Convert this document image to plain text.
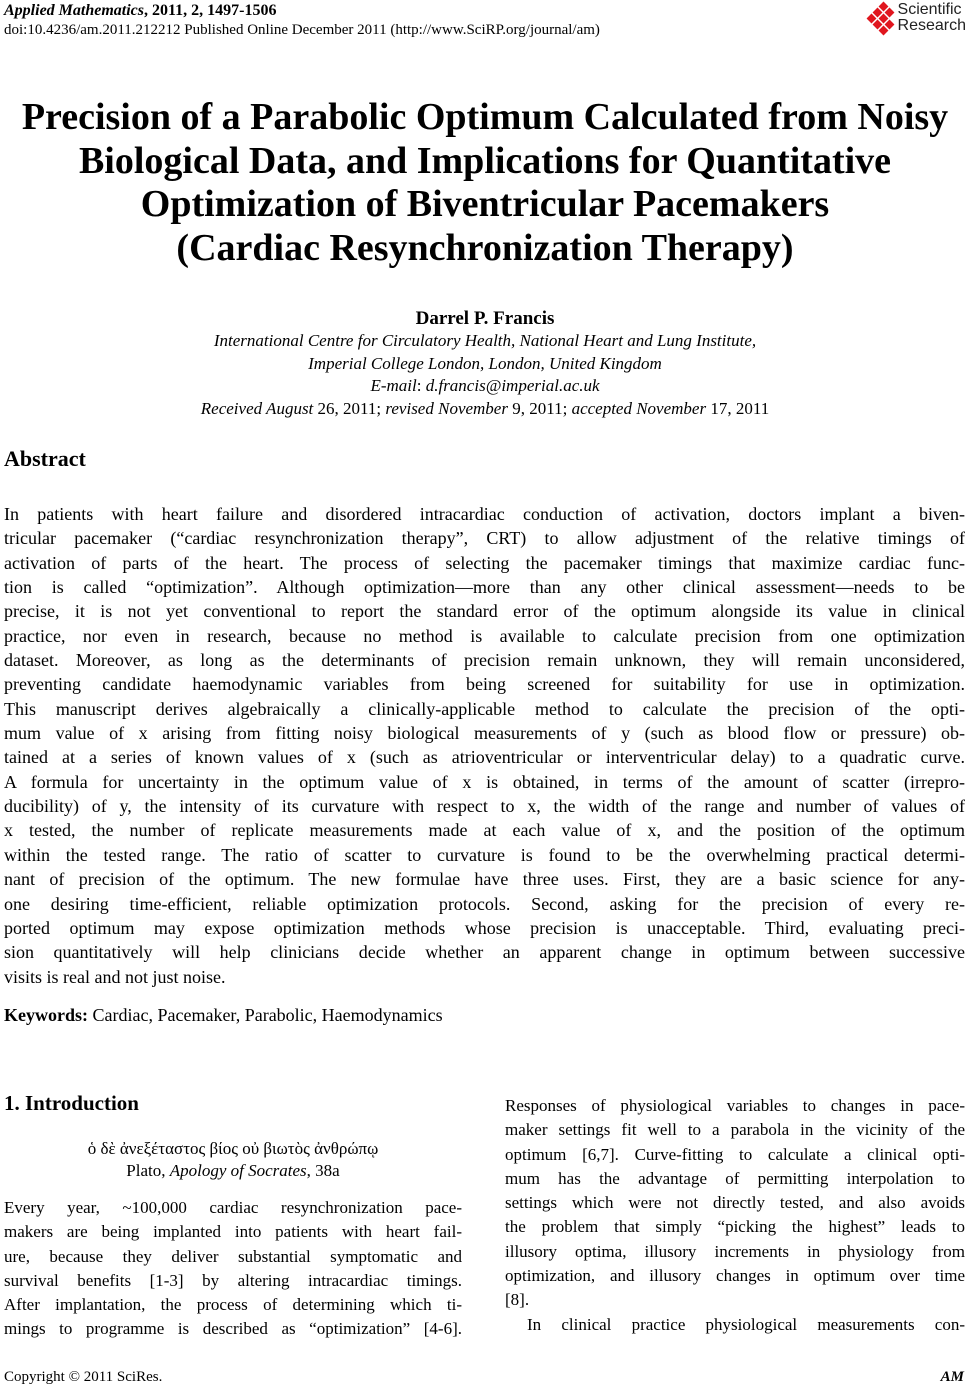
Applied Mathematics, 2011, 2, 1497-1506
doi:10.4236/am.2011.212212 Published Online December 2011 (http://www.SciRP.org/journal/am)
Scientific
Research
Precision of a Parabolic Optimum Calculated from Noisy
Biological Data, and Implications for Quantitative
Optimization of Biventricular Pacemakers
(Cardiac Resynchronization Therapy)
Darrel P. Francis
International Centre for Circulatory Health, National Heart and Lung Institute,
Imperial College London, London, United Kingdom
E-mail: d.francis@imperial.ac.uk
Received August 26, 2011; revised November 9, 2011; accepted November 17, 2011
Abstract
In patients with heart failure and disordered intracardiac conduction of activation, doctors implant a biven-
tricular pacemaker (“cardiac resynchronization therapy”, CRT) to allow adjustment of the relative timings of
activation of parts of the heart. The process of selecting the pacemaker timings that maximize cardiac func-
tion is called “optimization”. Although optimization—more than any other clinical assessment—needs to be
precise, it is not yet conventional to report the standard error of the optimum alongside its value in clinical
practice, nor even in research, because no method is available to calculate precision from one optimization
dataset. Moreover, as long as the determinants of precision remain unknown, they will remain unconsidered,
preventing candidate haemodynamic variables from being screened for suitability for use in optimization.
This manuscript derives algebraically a clinically-applicable method to calculate the precision of the opti-
mum value of x arising from fitting noisy biological measurements of y (such as blood flow or pressure) ob-
tained at a series of known values of x (such as atrioventricular or interventricular delay) to a quadratic curve.
A formula for uncertainty in the optimum value of x is obtained, in terms of the amount of scatter (irrepro-
ducibility) of y, the intensity of its curvature with respect to x, the width of the range and number of values of
x tested, the number of replicate measurements made at each value of x, and the position of the optimum
within the tested range. The ratio of scatter to curvature is found to be the overwhelming practical determi-
nant of precision of the optimum. The new formulae have three uses. First, they are a basic science for any-
one desiring time-efficient, reliable optimization protocols. Second, asking for the precision of every re-
ported optimum may expose optimization methods whose precision is unacceptable. Third, evaluating preci-
sion quantitatively will help clinicians decide whether an apparent change in optimum between successive
visits is real and not just noise.
Keywords: Cardiac, Pacemaker, Parabolic, Haemodynamics
1. Introduction
ὁ δὲ ἀνεξέταστος βίος οὐ βιωτὸς ἀνθρώπῳ
Plato, Apology of Socrates, 38a
Every year, ~100,000 cardiac resynchronization pace-
makers are being implanted into patients with heart fail-
ure, because they deliver substantial symptomatic and
survival benefits [1-3] by altering intracardiac timings.
After implantation, the process of determining which ti-
mings to programme is described as “optimization” [4-6].
Responses of physiological variables to changes in pace-
maker settings fit well to a parabola in the vicinity of the
optimum [6,7]. Curve-fitting to calculate a clinical opti-
mum has the advantage of permitting interpolation to
settings which were not directly tested, and also avoids
the problem that simply “picking the highest” leads to
illusory optima, illusory increments in physiology from
optimization, and illusory changes in optimum over time
[8].
In clinical practice physiological measurements con-
Copyright © 2011 SciRes.	AM
